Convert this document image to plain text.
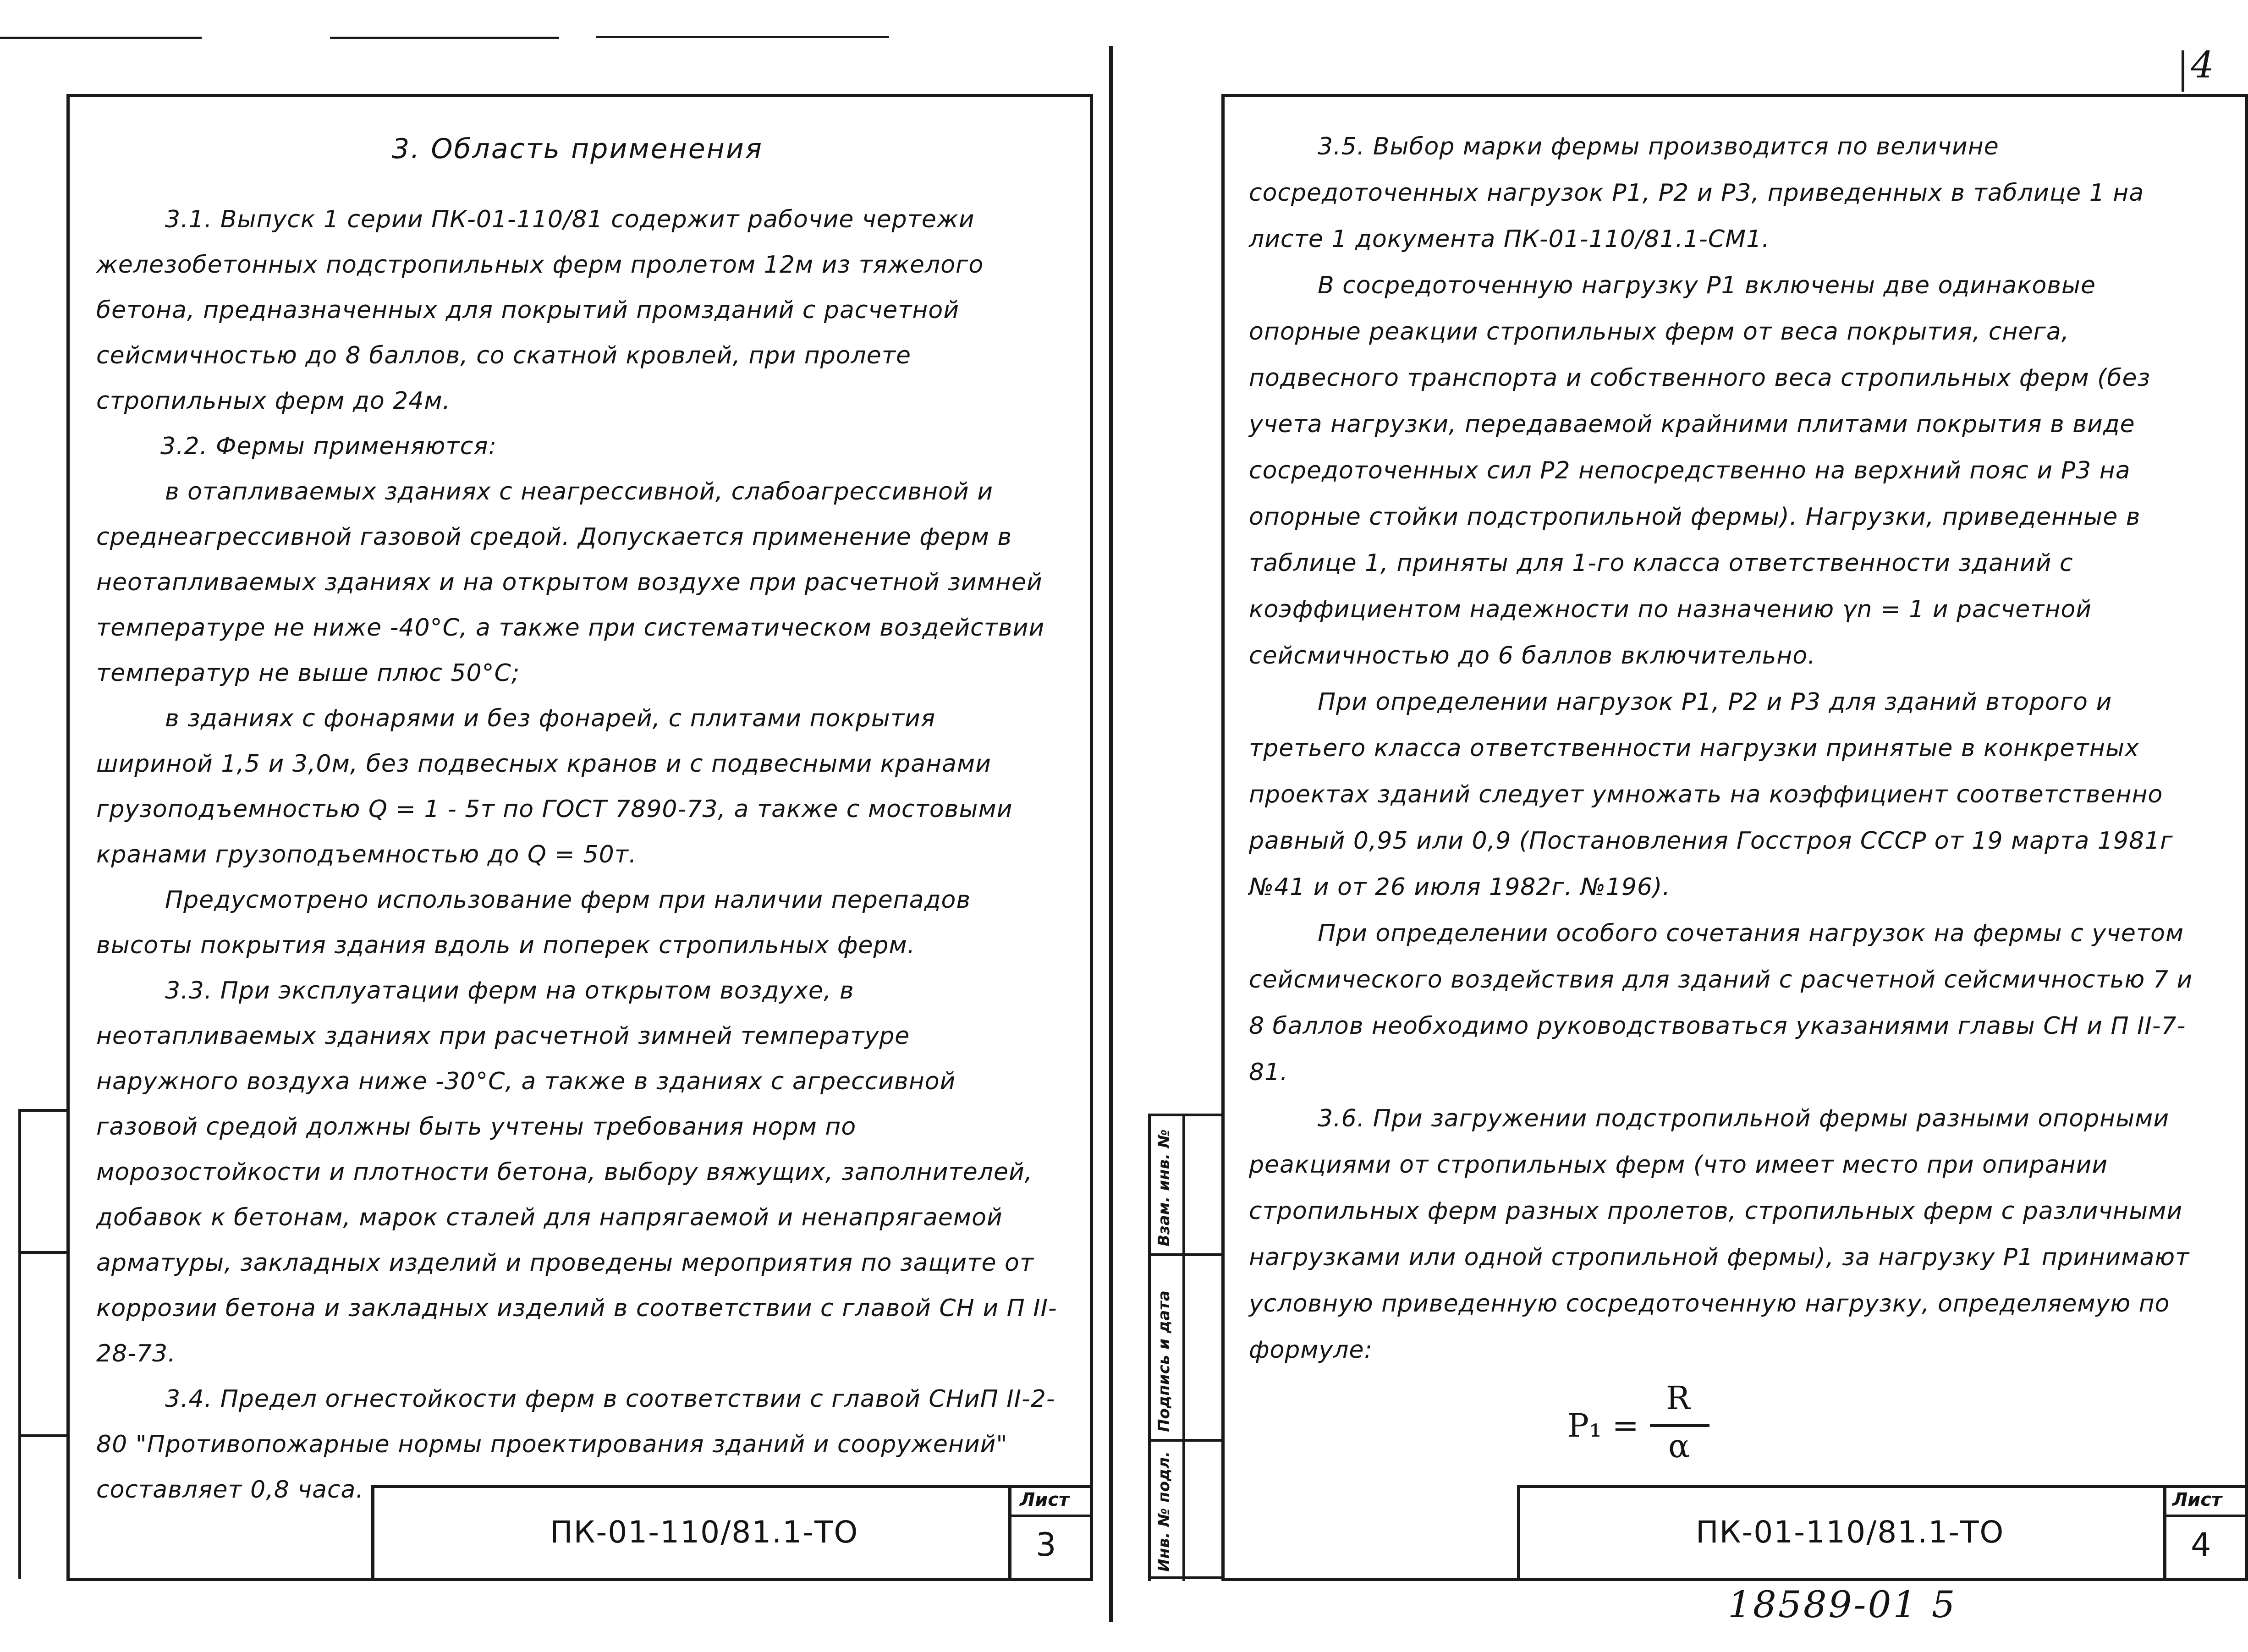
4
3. Область применения

3.1. Выпуск 1 серии ПК-01-110/81 содержит рабочие чертежи железобетонных подстропильных ферм пролетом 12м из тяжелого бетона, предназначенных для покрытий промзданий с расчетной сейсмичностью до 8 баллов, со скатной кровлей, при пролете стропильных ферм до 24м.

3.2. Фермы применяются:

в отапливаемых зданиях с неагрессивной, слабоагрессивной и среднеагрессивной газовой средой. Допускается применение ферм в неотапливаемых зданиях и на открытом воздухе при расчетной зимней температуре не ниже -40°С, а также при систематическом воздействии температур не выше плюс 50°С;

в зданиях с фонарями и без фонарей, с плитами покрытия шириной 1,5 и 3,0м, без подвесных кранов и с подвесными кранами грузоподъемностью Q = 1 - 5т по ГОСТ 7890-73, а также с мостовыми кранами грузоподъемностью до Q = 50т.

Предусмотрено использование ферм при наличии перепадов высоты покрытия здания вдоль и поперек стропильных ферм.

3.3. При эксплуатации ферм на открытом воздухе, в неотапливаемых зданиях при расчетной зимней температуре наружного воздуха ниже -30°С, а также в зданиях с агрессивной газовой средой должны быть учтены требования норм по морозостойкости и плотности бетона, выбору вяжущих, заполнителей, добавок к бетонам, марок сталей для напрягаемой и ненапрягаемой арматуры, закладных изделий и проведены мероприятия по защите от коррозии бетона и закладных изделий в соответствии с главой СН и П II-28-73.

3.4. Предел огнестойкости ферм в соответствии с главой СНиП II-2-80 "Противопожарные нормы проектирования зданий и сооружений" составляет 0,8 часа.

ПК-01-110/81.1-ТО
Лист
3
Взам. инв. №
Подпись и дата
Инв. № подл.

3.5. Выбор марки фермы производится по величине сосредоточенных нагрузок P1, P2 и P3, приведенных в таблице 1 на листе 1 документа ПК-01-110/81.1-СМ1.

В сосредоточенную нагрузку P1 включены две одинаковые опорные реакции стропильных ферм от веса покрытия, снега, подвесного транспорта и собственного веса стропильных ферм (без учета нагрузки, передаваемой крайними плитами покрытия в виде сосредоточенных сил P2 непосредственно на верхний пояс и P3 на опорные стойки подстропильной фермы). Нагрузки, приведенные в таблице 1, приняты для 1-го класса ответственности зданий с коэффициентом надежности по назначению γn = 1 и расчетной сейсмичностью до 6 баллов включительно.

При определении нагрузок P1, P2 и P3 для зданий второго и третьего класса ответственности нагрузки принятые в конкретных проектах зданий следует умножать на коэффициент соответственно равный 0,95 или 0,9 (Постановления Госстроя СССР от 19 марта 1981г №41 и от 26 июля 1982г. №196).

При определении особого сочетания нагрузок на фермы с учетом сейсмического воздействия для зданий с расчетной сейсмичностью 7 и 8 баллов необходимо руководствоваться указаниями главы СН и П II-7-81.

3.6. При загружении подстропильной фермы разными опорными реакциями от стропильных ферм (что имеет место при опирании стропильных ферм разных пролетов, стропильных ферм с различными нагрузками или одной стропильной фермы), за нагрузку P1 принимают условную приведенную сосредоточенную нагрузку, определяемую по формуле:

P₁ =
R
α
ПК-01-110/81.1-ТО
Лист
4
18589-01 5
